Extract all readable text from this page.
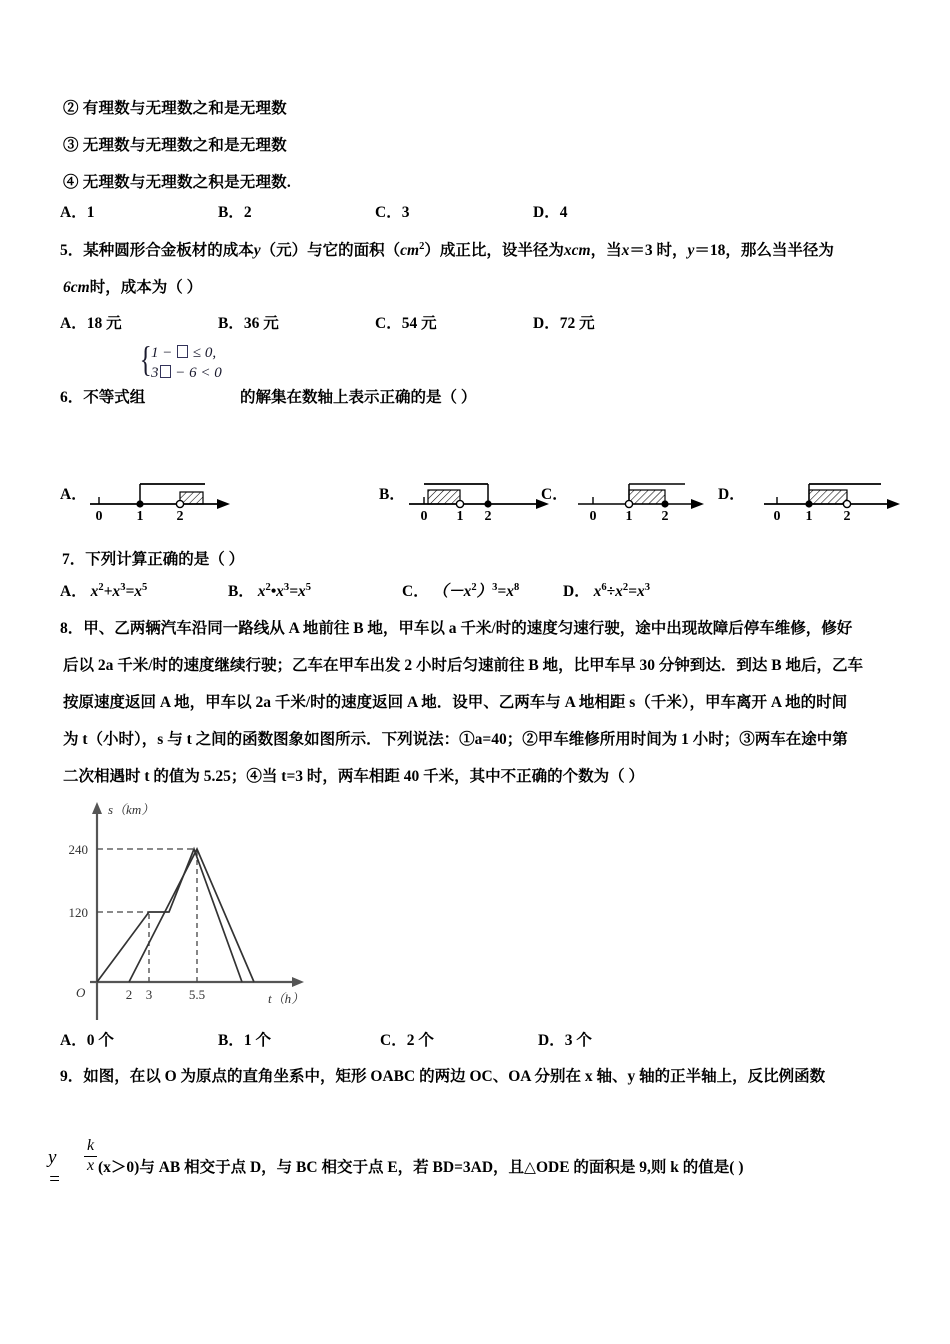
② 有理数与无理数之和是无理数
③ 无理数与无理数之和是无理数
④ 无理数与无理数之积是无理数.
A．1	B．2	C．3	D．4
5．某种圆形合金板材的成本y（元）与它的面积$(cm^2)$成正比，设半径为xcm，当x＝3 时，y＝18，那么当半径为
6cm时，成本为（ ）
A．18 元	B．36 元	C．54 元	D．72 元
{ 1 −  ≤ 0,
3 − 6 < 0
6．不等式组	的解集在数轴上表示正确的是（ ）
A．
0 1 2
B．
0 1 2
C．
0 1 2
D．
0 1 2
7．下列计算正确的是（ ）
A． $x^2+x^3=x^5$	B． $x^2•x^3=x^5$	C． $(-x^2)^3=x^8$	D． $x^6\div x^2=x^3$
8．甲、乙两辆汽车沿同一路线从 A 地前往 B 地，甲车以 a 千米/时的速度匀速行驶，途中出现故障后停车维修，修好
后以 2a 千米/时的速度继续行驶；乙车在甲车出发 2 小时后匀速前往 B 地，比甲车早 30 分钟到达．到达 B 地后，乙车
按原速度返回 A 地，甲车以 2a 千米/时的速度返回 A 地．设甲、乙两车与 A 地相距 s（千米），甲车离开 A 地的时间
为 t（小时），s 与 t 之间的函数图象如图所示．下列说法：①a=40；②甲车维修所用时间为 1 小时；③两车在途中第
二次相遇时 t 的值为 5.25；④当 t=3 时，两车相距 40 千米，其中不正确的个数为（ ）
s（km）
t（h）
O
240
120
2 3	5.5
A．0 个	B．1 个	C．2 个	D．3 个
9．如图，在以 O 为原点的直角坐系中，矩形 OABC 的两边 OC、OA 分别在 x 轴、y 轴的正半轴上，反比例函数
y =
k
x (x＞0)与 AB 相交于点 D，与 BC 相交于点 E，若 BD=3AD，且△ODE 的面积是 9,则 k 的值是( )
